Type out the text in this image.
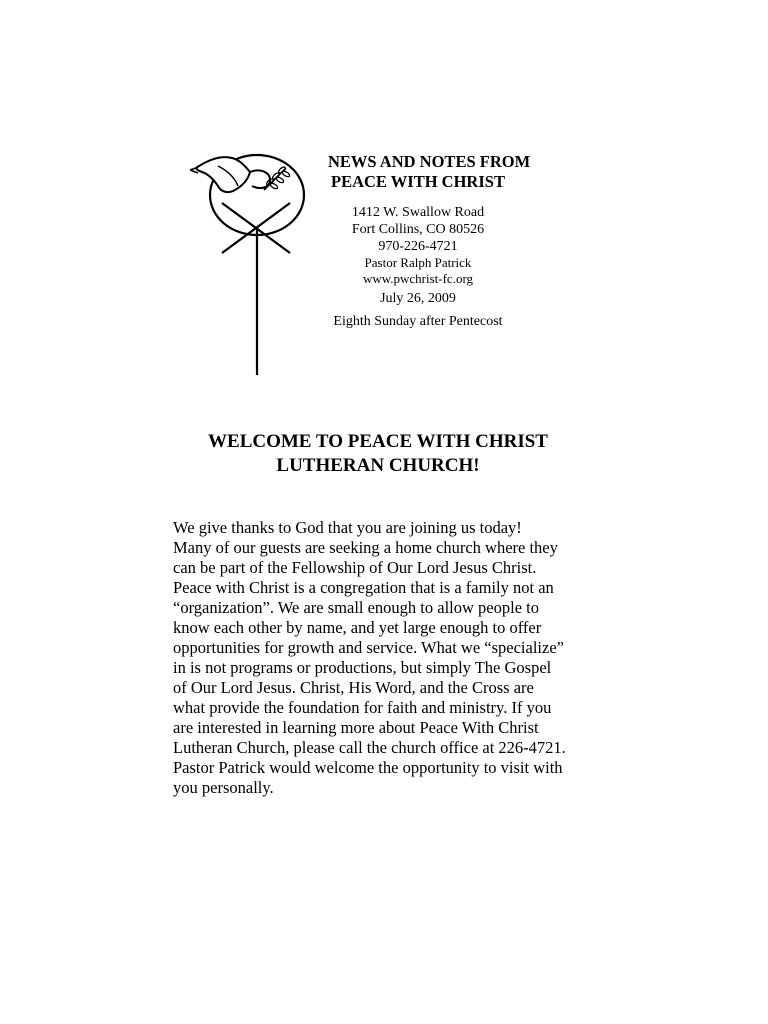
NEWS AND NOTES FROM
PEACE WITH CHRIST
1412 W. Swallow Road
Fort Collins, CO 80526
970-226-4721
Pastor Ralph Patrick
www.pwchrist-fc.org
July 26, 2009
Eighth Sunday after Pentecost
WELCOME TO PEACE WITH CHRIST
LUTHERAN CHURCH!
We give thanks to God that you are joining us today!
Many of our guests are seeking a home church where they
can be part of the Fellowship of Our Lord Jesus Christ.
Peace with Christ is a congregation that is a family not an
“organization”. We are small enough to allow people to
know each other by name, and yet large enough to offer
opportunities for growth and service. What we “specialize”
in is not programs or productions, but simply The Gospel
of Our Lord Jesus. Christ, His Word, and the Cross are
what provide the foundation for faith and ministry. If you
are interested in learning more about Peace With Christ
Lutheran Church, please call the church office at 226-4721.
Pastor Patrick would welcome the opportunity to visit with
you personally.
